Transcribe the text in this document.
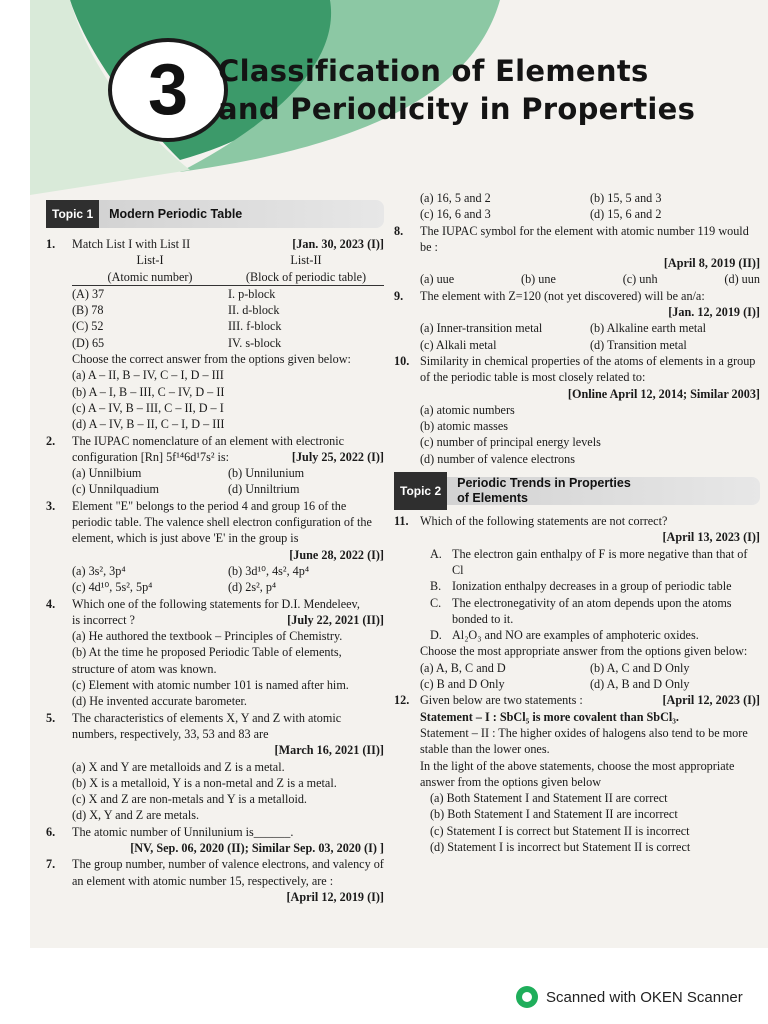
3	Classification of Elements
and Periodicity in Properties
Topic 1	Modern Periodic Table
1.	Match List I with List II	[Jan. 30, 2023 (I)]
List-I
(Atomic number)
List-II
(Block of periodic table)
(A) 37	I. p-block
(B) 78	II. d-block
(C) 52	III. f-block
(D) 65	IV. s-block
Choose the correct answer from the options given below:
(a) A – II, B – IV, C – I, D – III
(b) A – I, B – III, C – IV, D – II
(c) A – IV, B – III, C – II, D – I
(d) A – IV, B – II, C – I, D – III
2.	The IUPAC nomenclature of an element with electronic
configuration [Rn] 5f¹⁴6d¹7s² is:	[July 25, 2022 (I)]
(a) Unnilbium	(b) Unnilunium
(c) Unnilquadium	(d) Unniltrium
3.	Element "E" belongs to the period 4 and group 16 of the periodic table. The valence shell electron configuration of the element, which is just above 'E' in the group is
[June 28, 2022 (I)]
(a) 3s², 3p⁴	(b) 3d¹⁰, 4s², 4p⁴
(c) 4d¹⁰, 5s², 5p⁴	(d) 2s², p⁴
4.	Which one of the following statements for D.I. Mendeleev,
is incorrect ?	[July 22, 2021 (II)]
(a) He authored the textbook – Principles of Chemistry.
(b) At the time he proposed Periodic Table of elements, structure of atom was known.
(c) Element with atomic number 101 is named after him.
(d) He invented accurate barometer.
5.	The characteristics of elements X, Y and Z with atomic numbers, respectively, 33, 53 and 83 are
[March 16, 2021 (II)]
(a) X and Y are metalloids and Z is a metal.
(b) X is a metalloid, Y is a non-metal and Z is a metal.
(c) X and Z are non-metals and Y is a metalloid.
(d) X, Y and Z are metals.
6.	The atomic number of Unnilunium is______.
[NV, Sep. 06, 2020 (II); Similar Sep. 03, 2020 (I) ]
7.	The group number, number of valence electrons, and valency of an element with atomic number 15, respectively, are :
[April 12, 2019 (I)]
(a) 16, 5 and 2	(b) 15, 5 and 3
(c) 16, 6 and 3	(d) 15, 6 and 2
8.	The IUPAC symbol for the element with atomic number 119 would be :
[April 8, 2019 (II)]
(a) uue	(b) une	(c) unh	(d) uun
9.	The element with Z=120 (not yet discovered) will be an/a:
[Jan. 12, 2019 (I)]
(a) Inner-transition metal	(b) Alkaline earth metal
(c) Alkali metal	(d) Transition metal
10. Similarity in chemical properties of the atoms of elements in a group of the periodic table is most closely related to:
[Online April 12, 2014; Similar 2003]
(a) atomic numbers
(b) atomic masses
(c) number of principal energy levels
(d) number of valence electrons
Topic 2
Periodic Trends in Properties
of Elements
11. Which of the following statements are not correct?
[April 13, 2023 (I)]
A. The electron gain enthalpy of F is more negative than that of Cl
B. Ionization enthalpy decreases in a group of periodic table
C. The electronegativity of an atom depends upon the atoms bonded to it.
D. Al₂O₃ and NO are examples of amphoteric oxides.
Choose the most appropriate answer from the options given below:
(a) A, B, C and D	(b) A, C and D Only
(c) B and D Only	(d) A, B and D Only
12. Given below are two statements :	[April 12, 2023 (I)]
Statement – I : SbCl₅ is more covalent than SbCl₃.
Statement – II : The higher oxides of halogens also tend to be more stable than the lower ones.
In the light of the above statements, choose the most appropriate answer from the options given below
(a) Both Statement I and Statement II are correct
(b) Both Statement I and Statement II are incorrect
(c) Statement I is correct but Statement II is incorrect
(d) Statement I is incorrect but Statement II is correct
Scanned with OKEN Scanner
